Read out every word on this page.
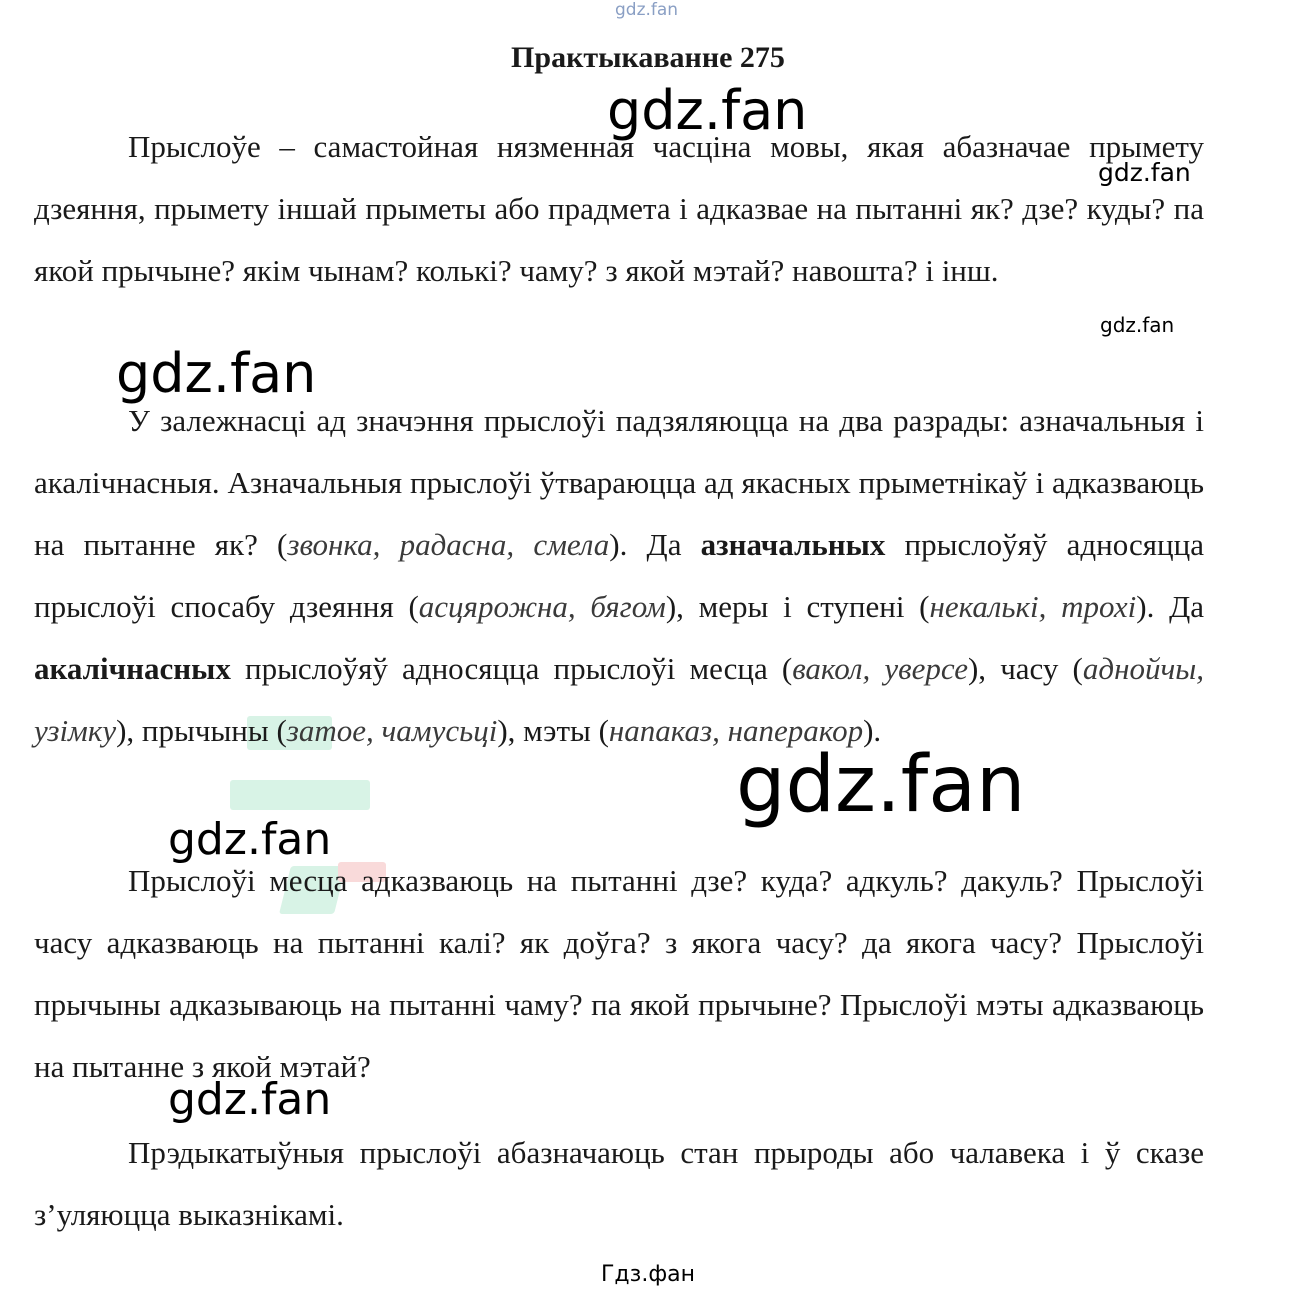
gdz.fan
gdz.fan
gdz.fan
gdz.fan
gdz.fan
gdz.fan
gdz.fan
gdz.fan
Практыкаванне 275

Прыслоўе – самастойная нязменная часціна мовы, якая абазначае прымету дзеяння, прымету іншай прыметы або прадмета і адказвае на пытанні як? дзе? куды? па якой прычыне? якім чынам? колькі? чаму? з якой мэтай? навошта? і інш.

У залежнасці ад значэння прыслоўі падзяляюцца на два разрады: азначальныя і акалічнасныя. Азначальныя прыслоўі ўтвараюцца ад якасных прыметнікаў і адказваюць на пытанне як? (звонка, радасна, смела). Да азначальных прыслоўяў адносяцца прыслоўі спосабу дзеяння (асцярожна, бягом), меры і ступені (некалькі, трохі). Да акалічнасных прыслоўяў адносяцца прыслоўі месца (вакол, уверсе), часу (аднойчы, узімку), прычыны (затое, чамусьці), мэты (напаказ, наперакор).

Прыслоўі месца адказваюць на пытанні дзе? куда? адкуль? дакуль? Прыслоўі часу адказваюць на пытанні калі? як доўга? з якога часу? да якога часу? Прыслоўі прычыны адказываюць на пытанні чаму? па якой прычыне? Прыслоўі мэты адказваюць на пытанне з якой мэтай?

Прэдыкатыўныя прыслоўі абазначаюць стан прыроды або чалавека і ў сказе з’уляюцца выказнікамі.

Гдз.фан
